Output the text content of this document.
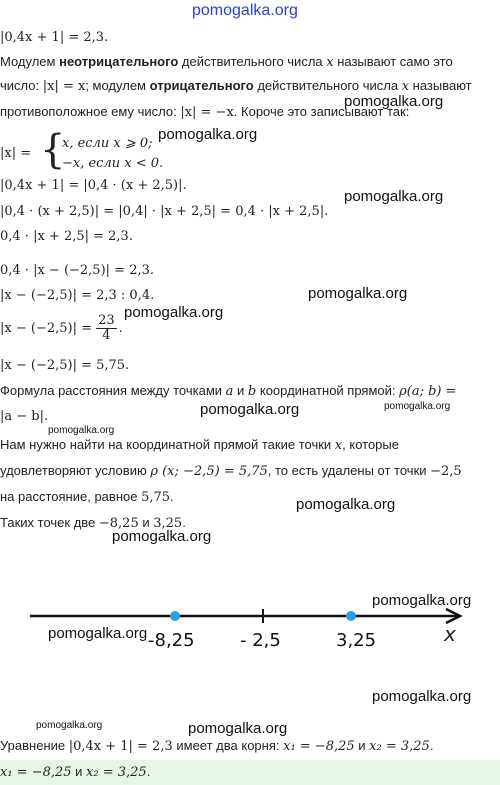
pomogalka.org
pomogalka.org
pomogalka.org
pomogalka.org
pomogalka.org
pomogalka.org
pomogalka.org	pomogalka.org
pomogalka.org
pomogalka.org
pomogalka.org
pomogalka.org
pomogalka.org
pomogalka.org
pomogalka.org	pomogalka.org
|0,4x + 1| = 2,3.
Модулем неотрицательного действительного числа x называют само это
число: |x| = x; модулем отрицательного действительного числа x называют
противоположное ему число: |x| = −x. Короче это записывают так:
|x| = {
x, если x ⩾ 0;
−x, если x < 0.
|0,4x + 1| = |0,4 · (x + 2,5)|.
|0,4 · (x + 2,5)| = |0,4| · |x + 2,5| = 0,4 · |x + 2,5|.
0,4 · |x + 2,5| = 2,3.
0,4 · |x − (−2,5)| = 2,3.
|x − (−2,5)| = 2,3 : 0,4.
$|x - (-2,5)| = \frac{23}{4}$ .
|x − (−2,5)| = 5,75.
Формула расстояния между точками a и b координатной прямой: ρ(a; b) =
|a − b|.
Нам нужно найти на координатной прямой такие точки x, которые
удовлетворяют условию ρ (x; −2,5) = 5,75, то есть удалены от точки −2,5
на расстояние, равное 5,75.
Таких точек две −8,25 и 3,25.
-8,25	- 2,5	3,25	x
Уравнение |0,4x + 1| = 2,3 имеет два корня: x₁ = −8,25 и x₂ = 3,25.
x₁ = −8,25 и x₂ = 3,25.
